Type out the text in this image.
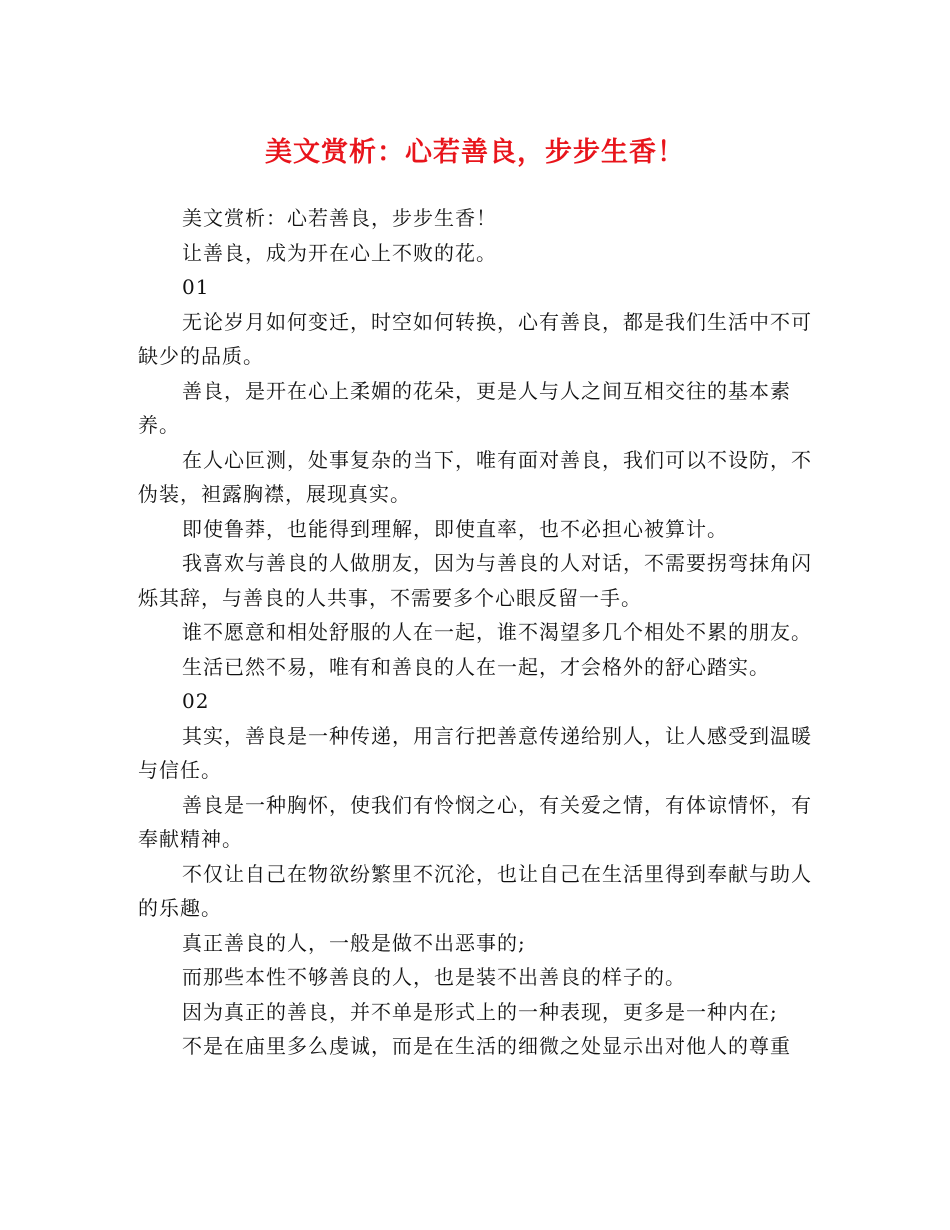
美文赏析：心若善良，步步生香！

美文赏析：心若善良，步步生香！

让善良，成为开在心上不败的花。

01

无论岁月如何变迁，时空如何转换，心有善良，都是我们生活中不可缺少的品质。

善良，是开在心上柔媚的花朵，更是人与人之间互相交往的基本素养。

在人心叵测，处事复杂的当下，唯有面对善良，我们可以不设防，不伪装，袒露胸襟，展现真实。

即使鲁莽，也能得到理解，即使直率，也不必担心被算计。

我喜欢与善良的人做朋友，因为与善良的人对话，不需要拐弯抹角闪烁其辞，与善良的人共事，不需要多个心眼反留一手。

谁不愿意和相处舒服的人在一起，谁不渴望多几个相处不累的朋友。

生活已然不易，唯有和善良的人在一起，才会格外的舒心踏实。

02

其实，善良是一种传递，用言行把善意传递给别人，让人感受到温暖与信任。

善良是一种胸怀，使我们有怜悯之心，有关爱之情，有体谅情怀，有奉献精神。

不仅让自己在物欲纷繁里不沉沦，也让自己在生活里得到奉献与助人的乐趣。

真正善良的人，一般是做不出恶事的;

而那些本性不够善良的人，也是装不出善良的样子的。

因为真正的善良，并不单是形式上的一种表现，更多是一种内在;

不是在庙里多么虔诚，而是在生活的细微之处显示出对他人的尊重
